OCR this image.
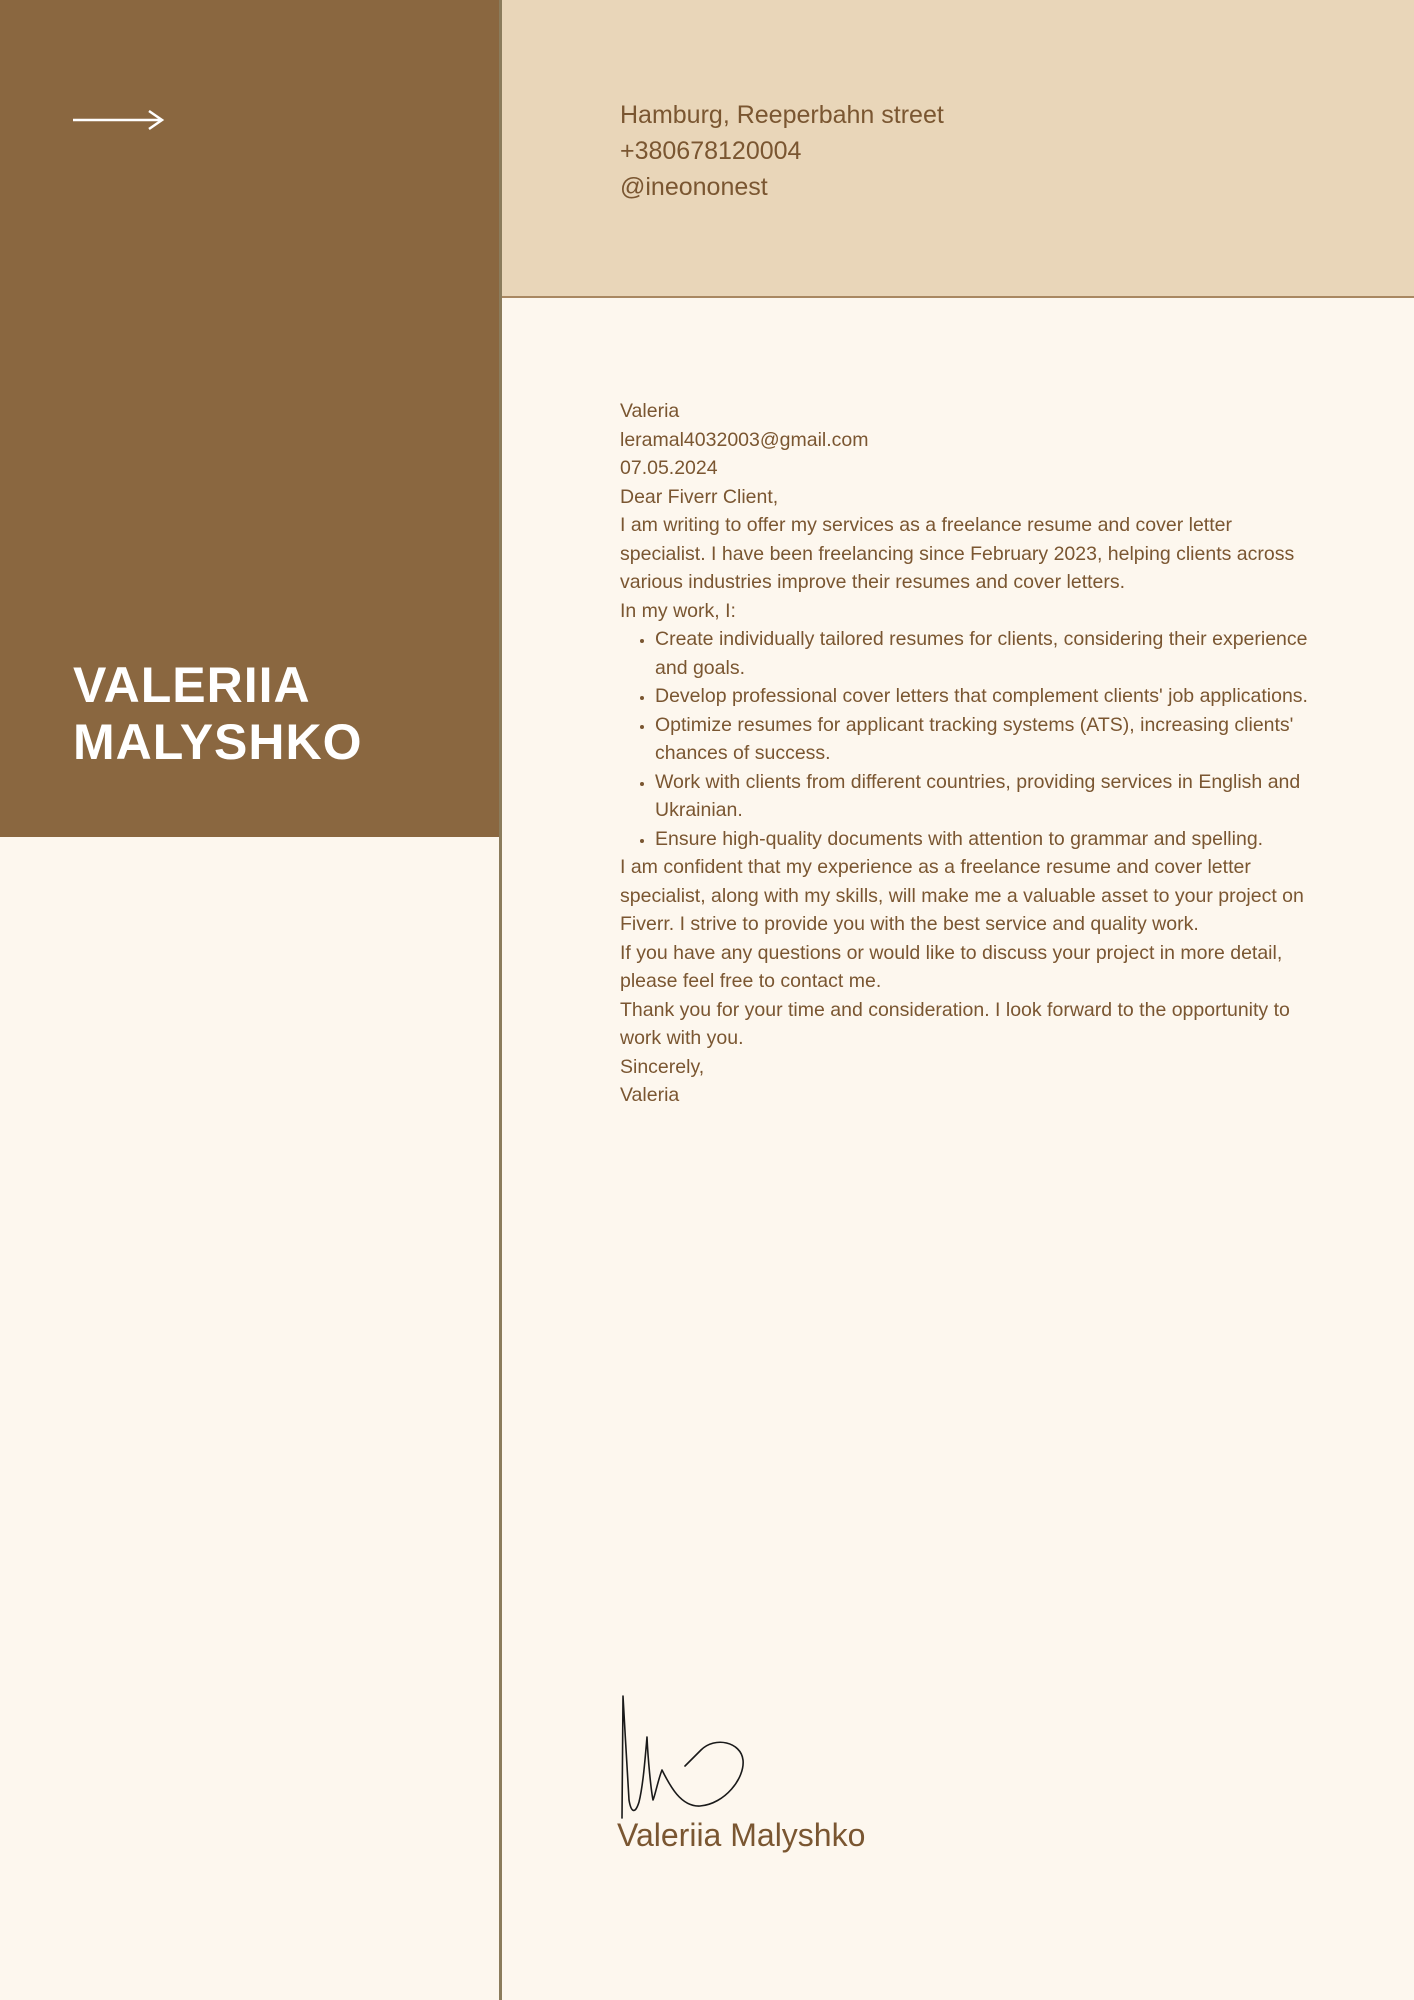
VALERIIA
MALYSHKO
Hamburg, Reeperbahn street
+380678120004
@ineononest

Valeria

leramal4032003@gmail.com

07.05.2024

Dear Fiverr Client,

I am writing to offer my services as a freelance resume and cover letter specialist. I have been freelancing since February 2023, helping clients across various industries improve their resumes and cover letters.

In my work, I:

• Create individually tailored resumes for clients, considering their experience and goals.
• Develop professional cover letters that complement clients' job applications.
• Optimize resumes for applicant tracking systems (ATS), increasing clients' chances of success.
• Work with clients from different countries, providing services in English and Ukrainian.
• Ensure high-quality documents with attention to grammar and spelling.

I am confident that my experience as a freelance resume and cover letter specialist, along with my skills, will make me a valuable asset to your project on Fiverr. I strive to provide you with the best service and quality work.

If you have any questions or would like to discuss your project in more detail, please feel free to contact me.

Thank you for your time and consideration. I look forward to the opportunity to work with you.

Sincerely,

Valeria

Valeriia Malyshko
